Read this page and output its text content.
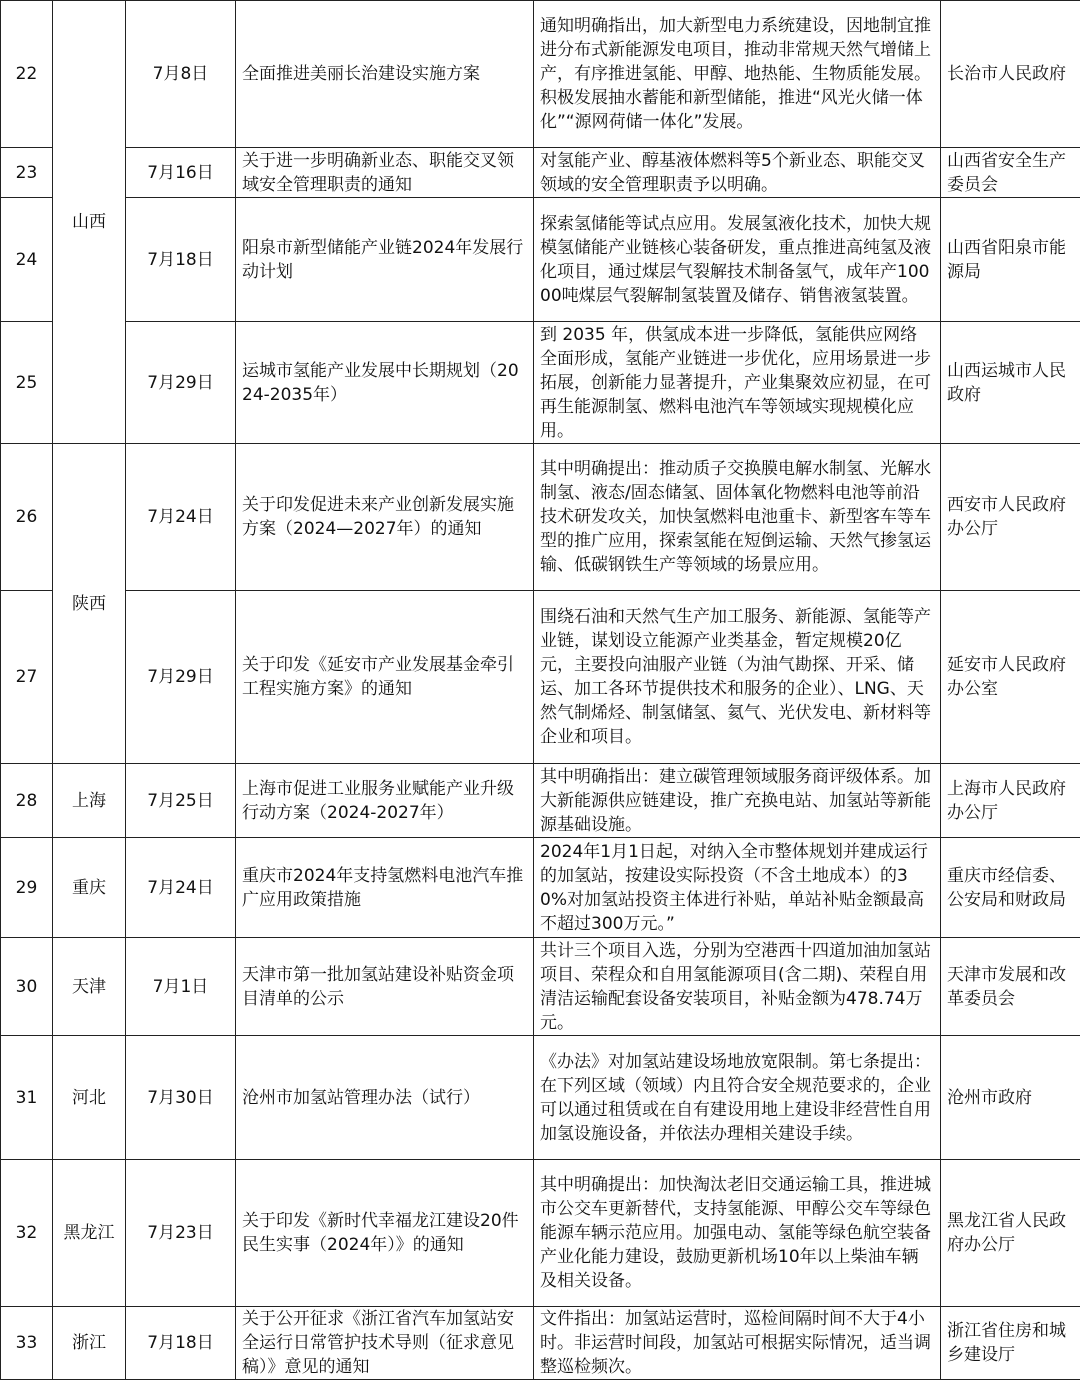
22	山西	7月8日	全面推进美丽长治建设实施方案	通知明确指出，加大新型电力系统建设，因地制宜推进分布式新能源发电项目，推动非常规天然气增储上产，有序推进氢能、甲醇、地热能、生物质能发展。积极发展抽水蓄能和新型储能，推进“风光火储一体化”“源网荷储一体化”发展。	长治市人民政府
23		7月16日	关于进一步明确新业态、职能交叉领域安全管理职责的通知	对氢能产业、醇基液体燃料等5个新业态、职能交叉领域的安全管理职责予以明确。	山西省安全生产委员会
24		7月18日	阳泉市新型储能产业链2024年发展行动计划	探索氢储能等试点应用。发展氢液化技术，加快大规模氢储能产业链核心装备研发，重点推进高纯氢及液化项目，通过煤层气裂解技术制备氢气，成年产10000吨煤层气裂解制氢装置及储存、销售液氢装置。	山西省阳泉市能源局
25		7月29日	运城市氢能产业发展中长期规划（2024-2035年）	到 2035 年，供氢成本进一步降低，氢能供应网络全面形成，氢能产业链进一步优化，应用场景进一步拓展，创新能力显著提升，产业集聚效应初显，在可再生能源制氢、燃料电池汽车等领域实现规模化应用。	山西运城市人民政府
26	陕西	7月24日	关于印发促进未来产业创新发展实施方案（2024—2027年）的通知	其中明确提出：推动质子交换膜电解水制氢、光解水制氢、液态/固态储氢、固体氧化物燃料电池等前沿技术研发攻关，加快氢燃料电池重卡、新型客车等车型的推广应用，探索氢能在短倒运输、天然气掺氢运输、低碳钢铁生产等领域的场景应用。	西安市人民政府办公厅
27		7月29日	关于印发《延安市产业发展基金牵引工程实施方案》的通知	围绕石油和天然气生产加工服务、新能源、氢能等产业链，谋划设立能源产业类基金，暂定规模20亿元，主要投向油服产业链（为油气勘探、开采、储运、加工各环节提供技术和服务的企业）、LNG、天然气制烯烃、制氢储氢、氦气、光伏发电、新材料等企业和项目。	延安市人民政府办公室
28	上海	7月25日	上海市促进工业服务业赋能产业升级行动方案（2024-2027年）	其中明确指出：建立碳管理领域服务商评级体系。加大新能源供应链建设，推广充换电站、加氢站等新能源基础设施。	上海市人民政府办公厅
29	重庆	7月24日	重庆市2024年支持氢燃料电池汽车推广应用政策措施	2024年1月1日起，对纳入全市整体规划并建成运行的加氢站，按建设实际投资（不含土地成本）的30%对加氢站投资主体进行补贴，单站补贴金额最高不超过300万元。”	重庆市经信委、公安局和财政局
30	天津	7月1日	天津市第一批加氢站建设补贴资金项目清单的公示	共计三个项目入选，分别为空港西十四道加油加氢站项目、荣程众和自用氢能源项目(含二期)、荣程自用清洁运输配套设备安装项目，补贴金额为478.74万元。	天津市发展和改革委员会
31	河北	7月30日	沧州市加氢站管理办法（试行）	《办法》对加氢站建设场地放宽限制。第七条提出： 在下列区域（领域）内且符合安全规范要求的，企业可以通过租赁或在自有建设用地上建设非经营性自用加氢设施设备，并依法办理相关建设手续。	沧州市政府
32	黑龙江	7月23日	关于印发《新时代幸福龙江建设20件民生实事（2024年）》的通知	其中明确提出：加快淘汰老旧交通运输工具，推进城市公交车更新替代，支持氢能源、甲醇公交车等绿色能源车辆示范应用。加强电动、氢能等绿色航空装备产业化能力建设，鼓励更新机场10年以上柴油车辆及相关设备。	黑龙江省人民政府办公厅
33	浙江	7月18日	关于公开征求《浙江省汽车加氢站安全运行日常管护技术导则（征求意见稿）》意见的通知	文件指出：加氢站运营时，巡检间隔时间不大于4小时。非运营时间段，加氢站可根据实际情况，适当调整巡检频次。	浙江省住房和城乡建设厅
